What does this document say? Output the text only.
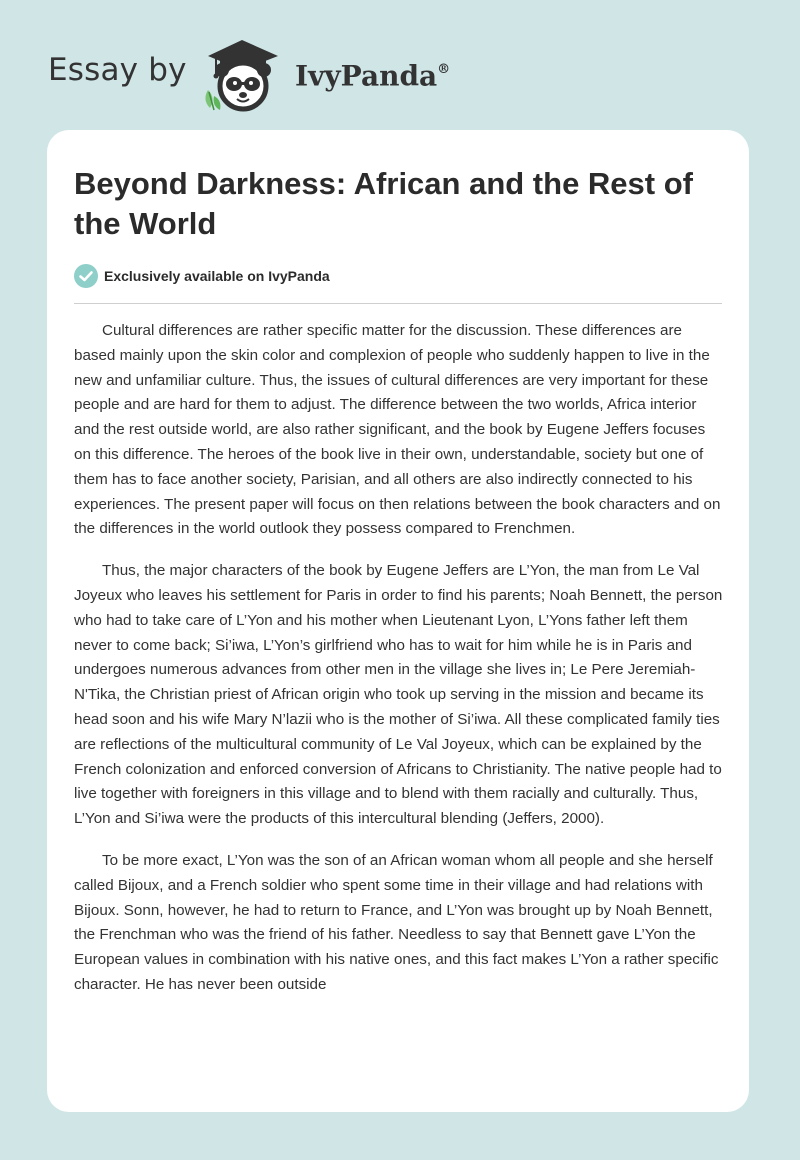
Essay by	IvyPanda®
Beyond Darkness: African and the Rest of the World
Exclusively available on IvyPanda

Cultural differences are rather specific matter for the discussion. These differences are based mainly upon the skin color and complexion of people who suddenly happen to live in the new and unfamiliar culture. Thus, the issues of cultural differences are very important for these people and are hard for them to adjust. The difference between the two worlds, Africa interior and the rest outside world, are also rather significant, and the book by Eugene Jeffers focuses on this difference. The heroes of the book live in their own, understandable, society but one of them has to face another society, Parisian, and all others are also indirectly connected to his experiences. The present paper will focus on then relations between the book characters and on the differences in the world outlook they possess compared to Frenchmen.

Thus, the major characters of the book by Eugene Jeffers are L’Yon, the man from Le Val Joyeux who leaves his settlement for Paris in order to find his parents; Noah Bennett, the person who had to take care of L’Yon and his mother when Lieutenant Lyon, L’Yons father left them never to come back; Si’iwa, L’Yon’s girlfriend who has to wait for him while he is in Paris and undergoes numerous advances from other men in the village she lives in; Le Pere Jeremiah-N'Tika, the Christian priest of African origin who took up serving in the mission and became its head soon and his wife Mary N’lazii who is the mother of Si’iwa. All these complicated family ties are reflections of the multicultural community of Le Val Joyeux, which can be explained by the French colonization and enforced conversion of Africans to Christianity. The native people had to live together with foreigners in this village and to blend with them racially and culturally. Thus, L’Yon and Si’iwa were the products of this intercultural blending (Jeffers, 2000).

To be more exact, L’Yon was the son of an African woman whom all people and she herself called Bijoux, and a French soldier who spent some time in their village and had relations with Bijoux. Sonn, however, he had to return to France, and L’Yon was brought up by Noah Bennett, the Frenchman who was the friend of his father. Needless to say that Bennett gave L’Yon the European values in combination with his native ones, and this fact makes L’Yon a rather specific character. He has never been outside
